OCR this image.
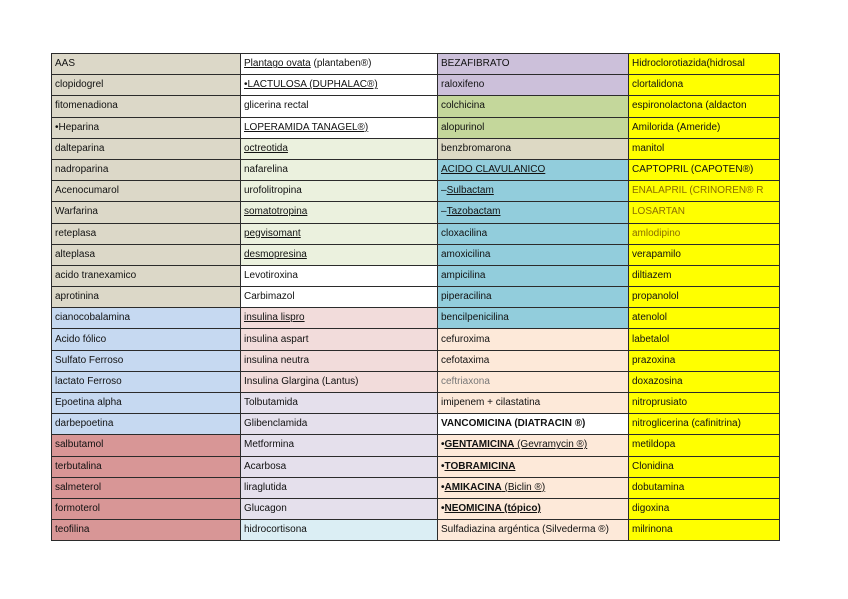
AAS	Plantago ovata (plantaben®)	BEZAFIBRATO	Hidroclorotiazida(hidrosal
clopidogrel	•LACTULOSA (DUPHALAC®)	raloxifeno	clortalidona
fitomenadiona	glicerina rectal	colchicina	espironolactona (aldacton
•Heparina	LOPERAMIDA TANAGEL®)	alopurinol	Amilorida (Ameride)
dalteparina	octreotida	benzbromarona	manitol
nadroparina	nafarelina	ACIDO CLAVULANICO	CAPTOPRIL (CAPOTEN®)
Acenocumarol	urofolitropina	–Sulbactam	ENALAPRIL (CRINOREN® R
Warfarina	somatotropina	–Tazobactam	LOSARTAN
reteplasa	pegvisomant	cloxacilina	amlodipino
alteplasa	desmopresina	amoxicilina	verapamilo
acido tranexamico	Levotiroxina	ampicilina	diltiazem
aprotinina	Carbimazol	piperacilina	propanolol
cianocobalamina	insulina lispro	bencilpenicilina	atenolol
Acido fólico	insulina aspart	cefuroxima	labetalol
Sulfato Ferroso	insulina neutra	cefotaxima	prazoxina
lactato Ferroso	Insulina Glargina (Lantus)	ceftriaxona	doxazosina
Epoetina alpha	Tolbutamida	imipenem + cilastatina	nitroprusiato
darbepoetina	Glibenclamida	VANCOMICINA (DIATRACIN ®)	nitroglicerina (cafinitrina)
salbutamol	Metformina	•GENTAMICINA (Gevramycin ®)	metildopa
terbutalina	Acarbosa	•TOBRAMICINA	Clonidina
salmeterol	liraglutida	•AMIKACINA (Biclin ®)	dobutamina
formoterol	Glucagon	•NEOMICINA (tópico)	digoxina
teofilina	hidrocortisona	Sulfadiazina argéntica (Silvederma ®)	milrinona
